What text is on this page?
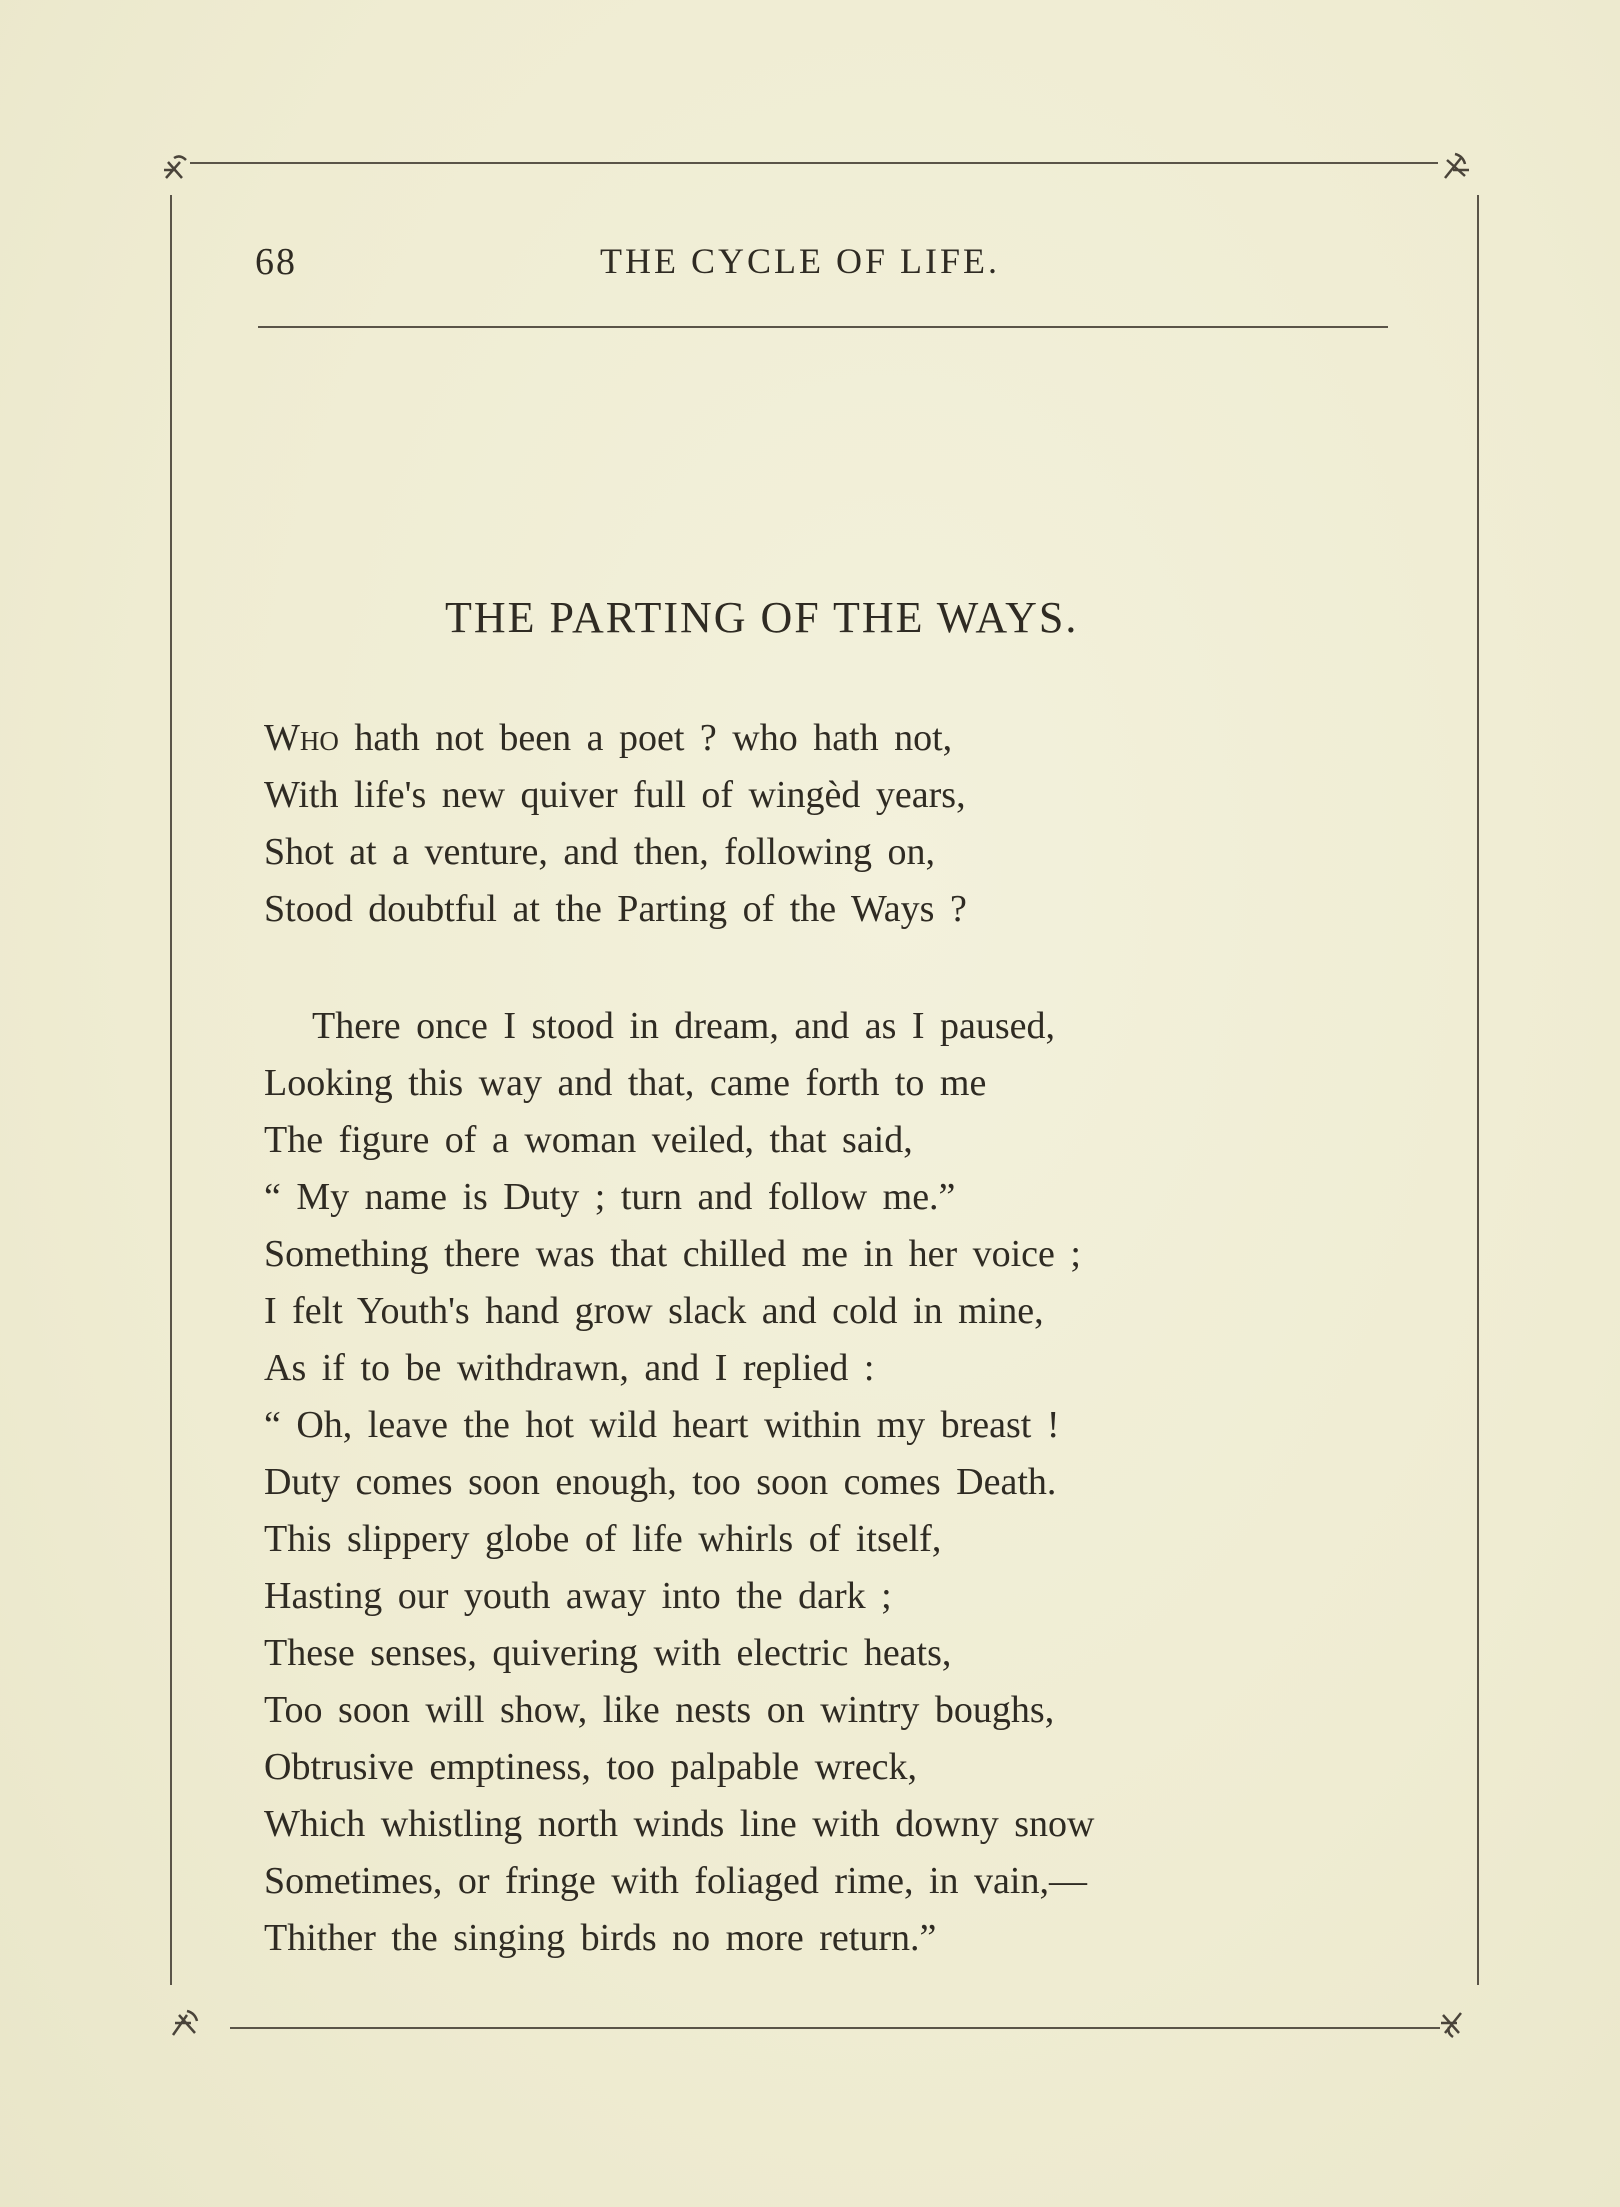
68	THE CYCLE OF LIFE.
THE PARTING OF THE WAYS.
Who hath not been a poet ? who hath not,
With life's new quiver full of wingèd years,
Shot at a venture, and then, following on,
Stood doubtful at the Parting of the Ways ?
There once I stood in dream, and as I paused,
Looking this way and that, came forth to me
The figure of a woman veiled, that said,
“ My name is Duty ; turn and follow me.”
Something there was that chilled me in her voice ;
I felt Youth's hand grow slack and cold in mine,
As if to be withdrawn, and I replied :
“ Oh, leave the hot wild heart within my breast !
Duty comes soon enough, too soon comes Death.
This slippery globe of life whirls of itself,
Hasting our youth away into the dark ;
These senses, quivering with electric heats,
Too soon will show, like nests on wintry boughs,
Obtrusive emptiness, too palpable wreck,
Which whistling north winds line with downy snow
Sometimes, or fringe with foliaged rime, in vain,—
Thither the singing birds no more return.”
